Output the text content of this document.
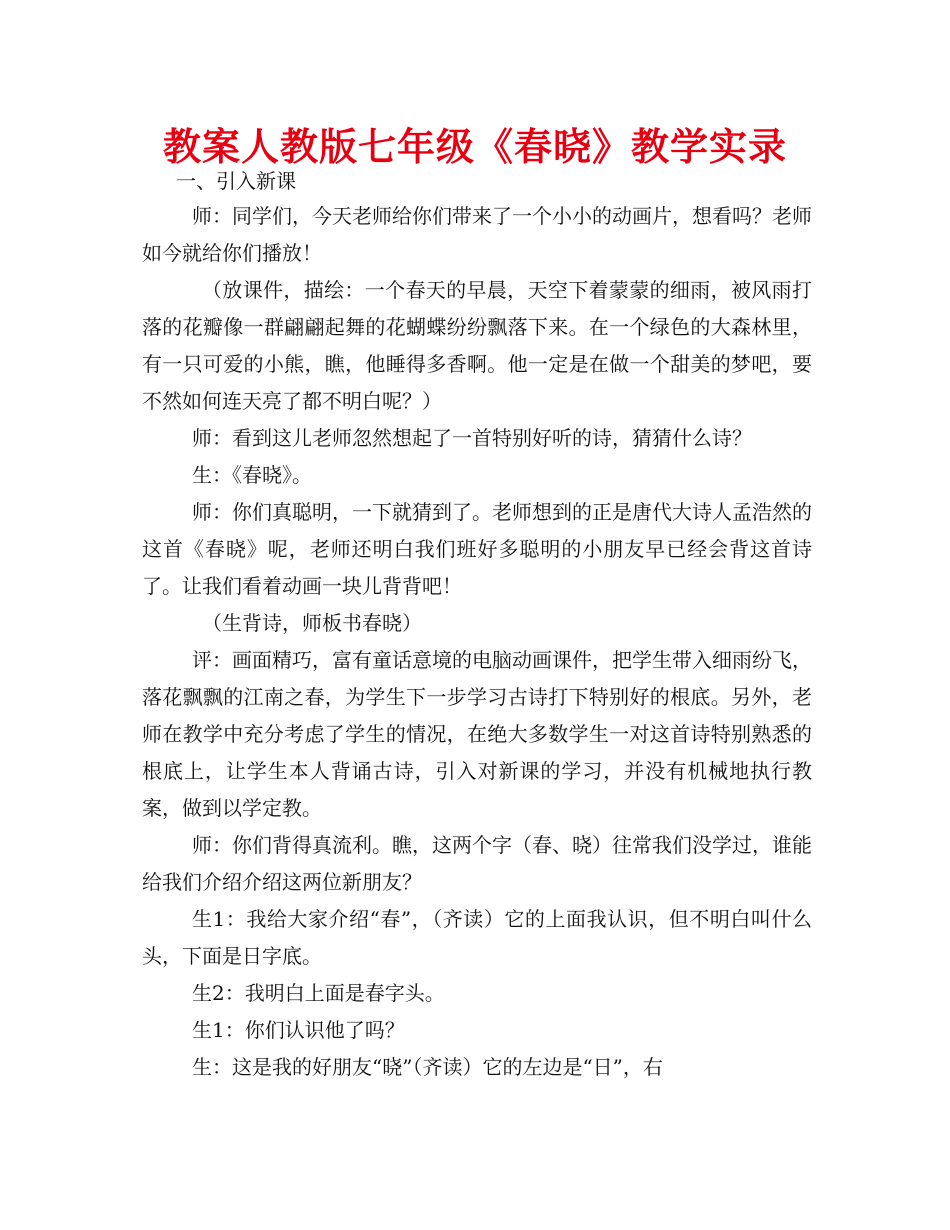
教案人教版七年级《春晓》教学实录
一、引入新课

师：同学们，今天老师给你们带来了一个小小的动画片，想看吗？老师如今就给你们播放！

（放课件，描绘：一个春天的早晨，天空下着蒙蒙的细雨，被风雨打落的花瓣像一群翩翩起舞的花蝴蝶纷纷飘落下来。在一个绿色的大森林里，有一只可爱的小熊，瞧，他睡得多香啊。他一定是在做一个甜美的梦吧，要不然如何连天亮了都不明白呢？）

师：看到这儿老师忽然想起了一首特别好听的诗，猜猜什么诗？

生：《春晓》。

师：你们真聪明，一下就猜到了。老师想到的正是唐代大诗人孟浩然的这首《春晓》呢，老师还明白我们班好多聪明的小朋友早已经会背这首诗了。让我们看着动画一块儿背背吧！

（生背诗，师板书春晓）

评：画面精巧，富有童话意境的电脑动画课件，把学生带入细雨纷飞，落花飘飘的江南之春，为学生下一步学习古诗打下特别好的根底。另外，老师在教学中充分考虑了学生的情况，在绝大多数学生一对这首诗特别熟悉的根底上，让学生本人背诵古诗，引入对新课的学习，并没有机械地执行教案，做到以学定教。

师：你们背得真流利。瞧，这两个字（春、晓）往常我们没学过，谁能给我们介绍介绍这两位新朋友？

生1：我给大家介绍“春”，（齐读）它的上面我认识，但不明白叫什么头，下面是日字底。

生2：我明白上面是春字头。

生1：你们认识他了吗？

生：这是我的好朋友“晓”（齐读）它的左边是“日”，右
